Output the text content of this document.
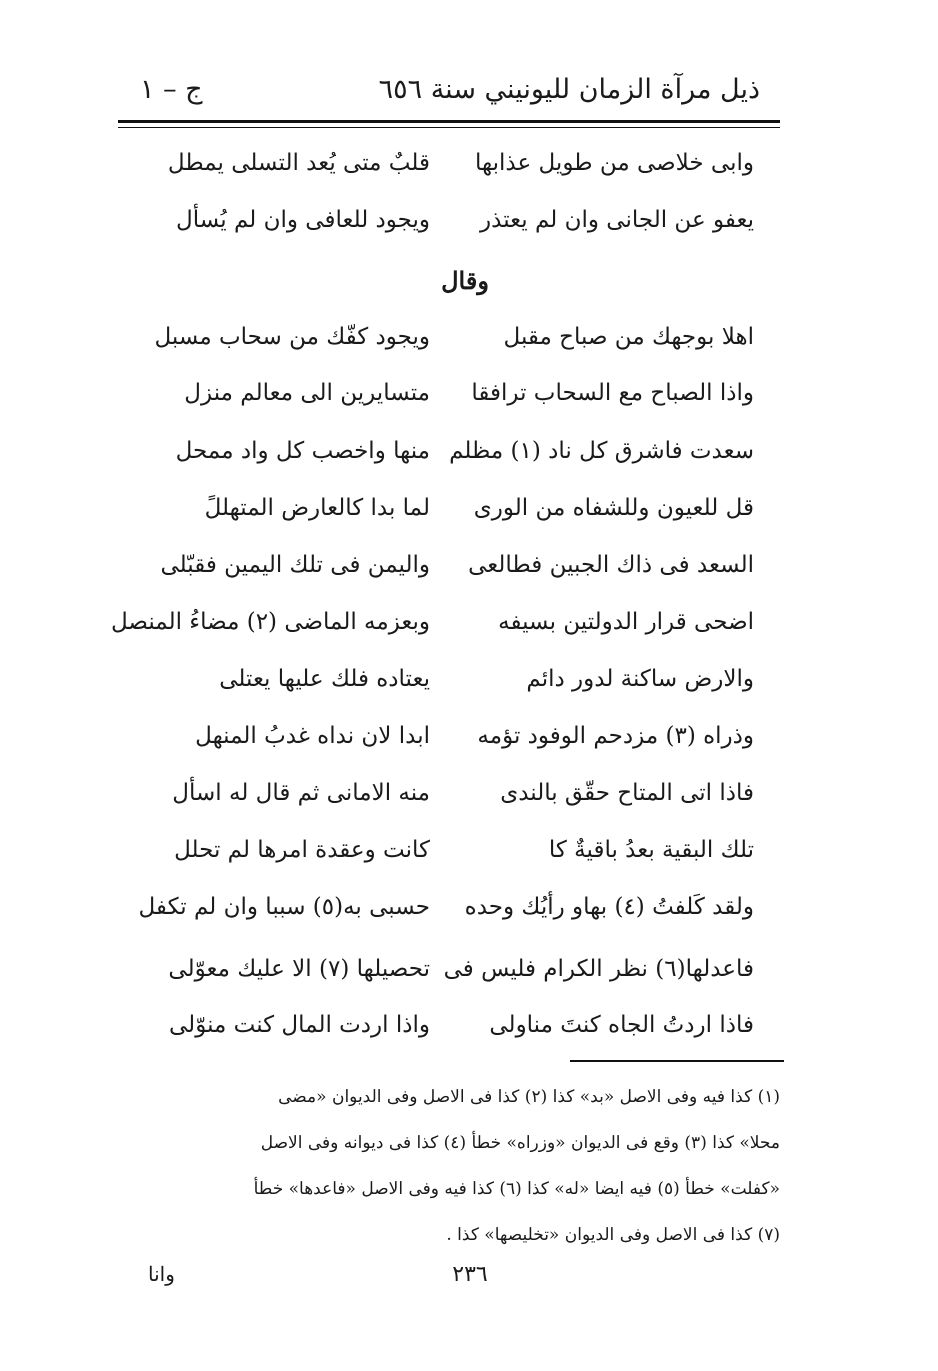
ذيل مرآة الزمان لليونيني سنة ٦٥٦
ج – ١
وابى خلاصى من طويل عذابها
قلبٌ متى يُعد التسلى يمطل
يعفو عن الجانى وان لم يعتذر
ويجود للعافى وان لم يُسأل
وقال
اهلا بوجهك من صباح مقبل
ويجود كفّك من سحاب مسبل
واذا الصباح مع السحاب ترافقا
متسايرين الى معالم منزل
سعدت فاشرق كل ناد (١) مظلم
منها واخصب كل واد ممحل
قل للعيون وللشفاه من الورى
لما بدا كالعارض المتهللً
السعد فى ذاك الجبين فطالعى
واليمن فى تلك اليمين فقبّلى
اضحى قرار الدولتين بسيفه
وبعزمه الماضى (٢) مضاءُ المنصل
والارض ساكنة لدور دائم
يعتاده فلك عليها يعتلى
وذراه (٣) مزدحم الوفود تؤمه
ابدا لان نداه غدبُ المنهل
فاذا اتى المتاح حقّق بالندى
منه الامانى ثم قال له اسأل
تلك البقية بعدُ باقيةٌ كا
كانت وعقدة امرها لم تحلل
ولقد كَلفتُ (٤) بهاو رأيُك وحده
حسبى به(٥) سببا وان لم تكفل
فاعدلها(٦) نظر الكرام فليس فى
تحصيلها (٧) الا عليك معوّلى
فاذا اردتُ الجاه كنتَ مناولى
واذا اردت المال كنت منوّلى
(١) كذا فيه وفى الاصل «بد» كذا (٢) كذا فى الاصل وفى الديوان «مضى
محلا» كذا (٣) وقع فى الديوان «وزراه» خطأ (٤) كذا فى ديوانه وفى الاصل
«كفلت» خطأ (٥) فيه ايضا «له» كذا (٦) كذا فيه وفى الاصل «فاعدها» خطأ
(٧) كذا فى الاصل وفى الديوان «تخليصها» كذا .
٢٣٦
وانا
